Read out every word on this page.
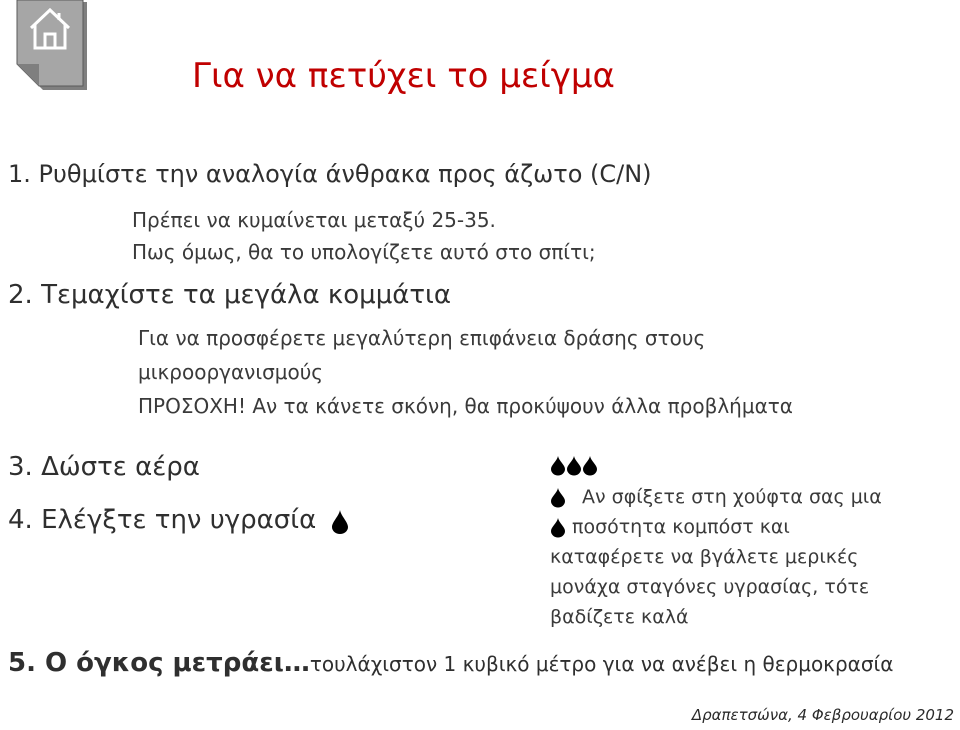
Για να πετύχει το μείγμα
1. Ρυθμίστε την αναλογία άνθρακα προς άζωτο (C/N)
Πρέπει να κυμαίνεται μεταξύ 25-35.
Πως όμως, θα το υπολογίζετε αυτό στο σπίτι;
2. Τεμαχίστε τα μεγάλα κομμάτια
Για να προσφέρετε μεγαλύτερη επιφάνεια δράσης στους
μικροοργανισμούς
ΠΡΟΣΟΧΗ! Αν τα κάνετε σκόνη, θα προκύψουν άλλα προβλήματα
3. Δώστε αέρα
4. Ελέγξτε την υγρασία
Αν σφίξετε στη χούφτα σας μια
ποσότητα κομπόστ και
καταφέρετε να βγάλετε μερικές
μονάχα σταγόνες υγρασίας, τότε
βαδίζετε καλά
5. Ο όγκος μετράει…τουλάχιστον 1 κυβικό μέτρο για να ανέβει η θερμοκρασία
Δραπετσώνα, 4 Φεβρουαρίου 2012
